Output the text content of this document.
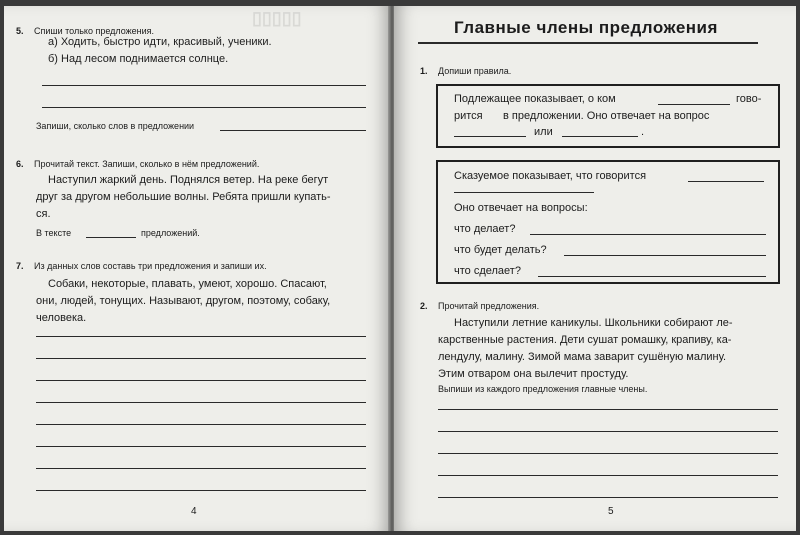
▯▯▯▯▯
5. Спиши только предложения.
а) Ходить, быстро идти, красивый, ученики.
б) Над лесом поднимается солнце.
Запиши, сколько слов в предложении
6. Прочитай текст. Запиши, сколько в нём предложений.
Наступил жаркий день. Поднялся ветер. На реке бегут
друг за другом небольшие волны. Ребята пришли купать-
ся.
В тексте	предложений.
7. Из данных слов составь три предложения и запиши их.
Собаки, некоторые, плавать, умеют, хорошо. Спасают,
они, людей, тонущих. Называют, другом, поэтому, собаку,
человека.
4
Главные члены предложения
1. Допиши правила.
Подлежащее показывает, о ком	гово-
рится в предложении. Оно отвечает на вопрос
или	.
Сказуемое показывает, что говорится
Оно отвечает на вопросы:
что делает?
что будет делать?
что сделает?
2. Прочитай предложения.
Наступили летние каникулы. Школьники собирают ле-
карственные растения. Дети сушат ромашку, крапиву, ка-
лендулу, малину. Зимой мама заварит сушёную малину.
Этим отваром она вылечит простуду.
Выпиши из каждого предложения главные члены.
5
